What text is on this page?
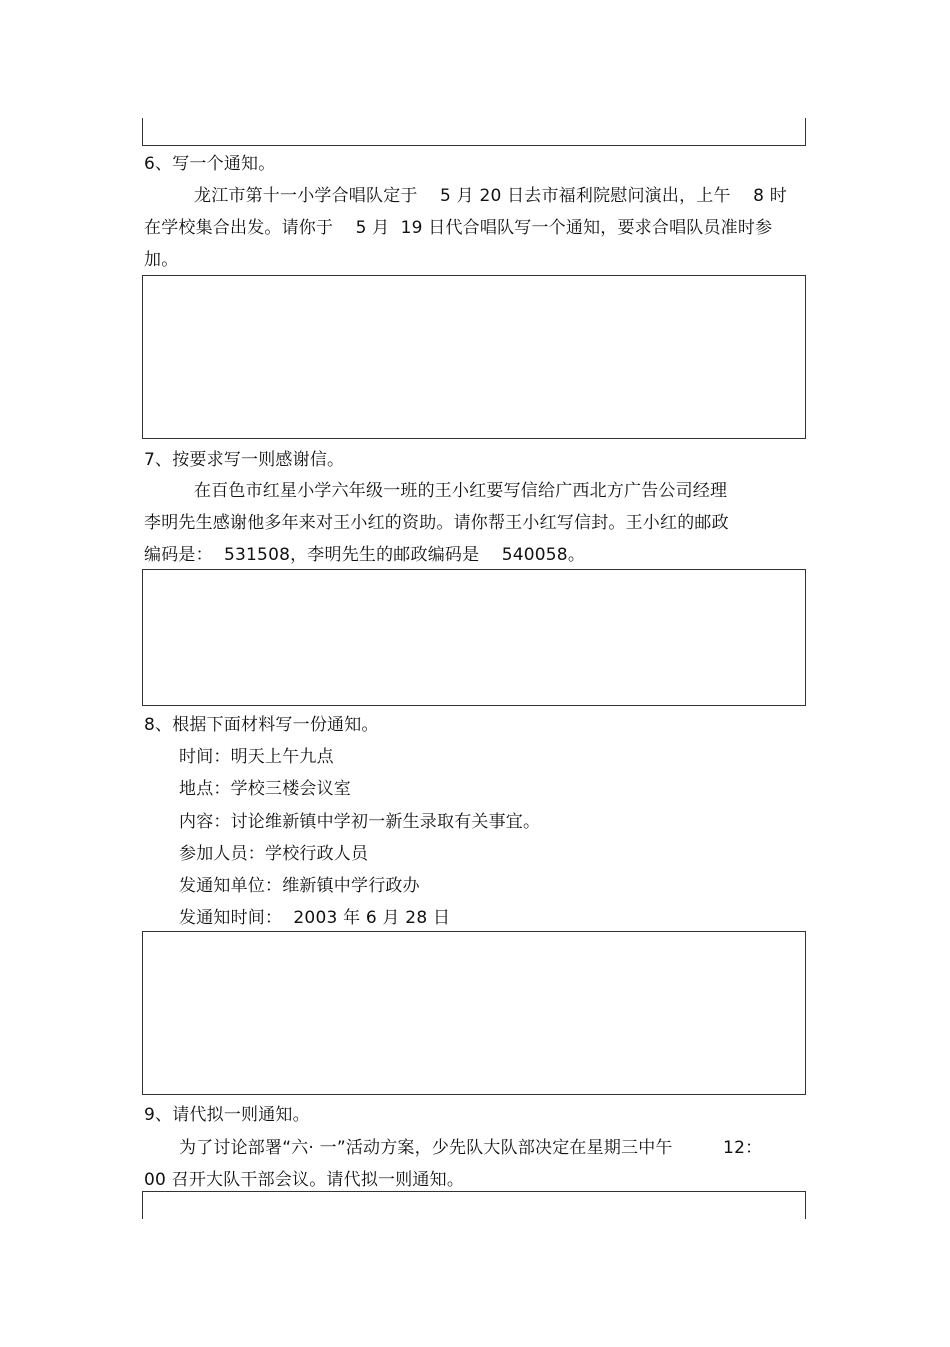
6、写一个通知。
龙江市第十一小学合唱队定于    5 月 20 日去市福利院慰问演出，上午    8 时
在学校集合出发。请你于    5 月  19 日代合唱队写一个通知，要求合唱队员准时参
加。
7、按要求写一则感谢信。
在百色市红星小学六年级一班的王小红要写信给广西北方广告公司经理
李明先生感谢他多年来对王小红的资助。请你帮王小红写信封。王小红的邮政
编码是：  531508，李明先生的邮政编码是    540058。
8、根据下面材料写一份通知。
时间：明天上午九点
地点：学校三楼会议室
内容：讨论维新镇中学初一新生录取有关事宜。
参加人员：学校行政人员
发通知单位：维新镇中学行政办
发通知时间：  2003 年 6 月 28 日
9、请代拟一则通知。
为了讨论部署“六· 一”活动方案，少先队大队部决定在星期三中午         12：
00 召开大队干部会议。请代拟一则通知。
